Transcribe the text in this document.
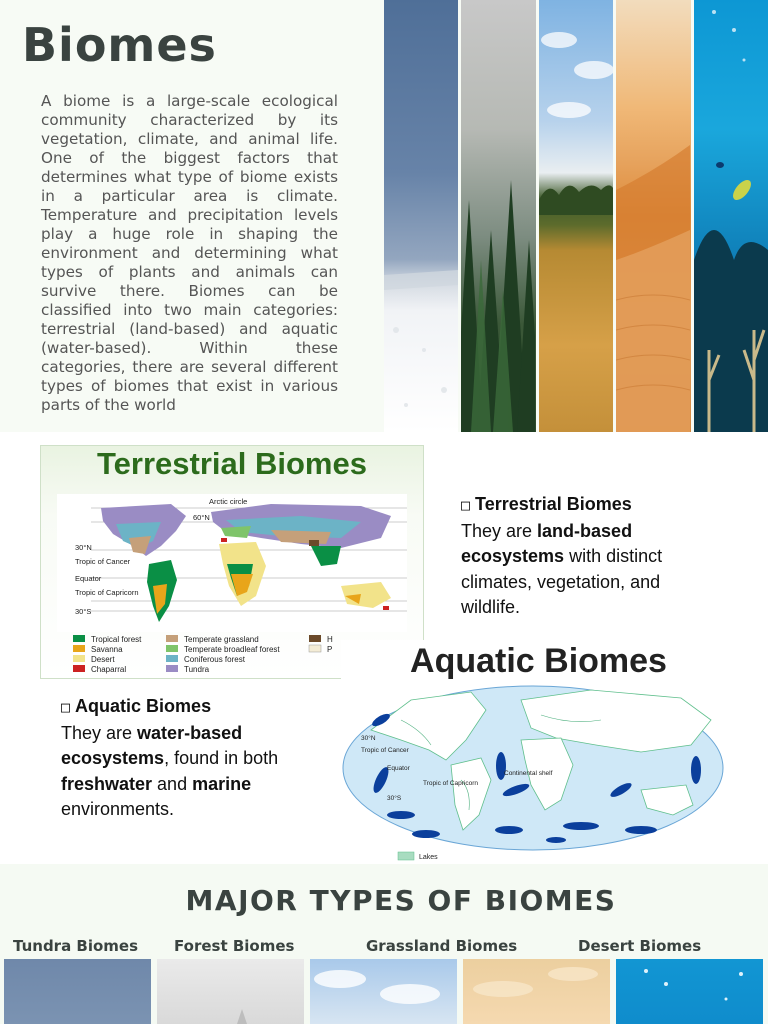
Biomes

A biome is a large-scale ecological community characterized by its vegetation, climate, and animal life. One of the biggest factors that determines what type of biome exists in a particular area is climate. Temperature and precipitation levels play a huge role in shaping the environment and determining what types of plants and animals can survive there. Biomes can be classified into two main categories: terrestrial (land-based) and aquatic (water-based). Within these categories, there are several different types of biomes that exist in various parts of the world

Terrestrial Biomes
Arctic circle
60°N
30°N
Tropic of Cancer
Equator
Tropic of Capricorn
30°S
Tropical forest
Savanna
Desert
Chaparral
Temperate grassland
Temperate broadleaf forest
Coniferous forest
Tundra
H
P
□ Terrestrial Biomes
They are land-based ecosystems with distinct climates, vegetation, and wildlife.
Aquatic Biomes
30°N
Tropic of Cancer
Equator
Tropic of Capricorn
30°S
Continental shelf
Lakes
□ Aquatic Biomes
They are water-based ecosystems, found in both freshwater and marine environments.
MAJOR TYPES OF BIOMES
Tundra Biomes Forest Biomes	Grassland Biomes	Desert Biomes
